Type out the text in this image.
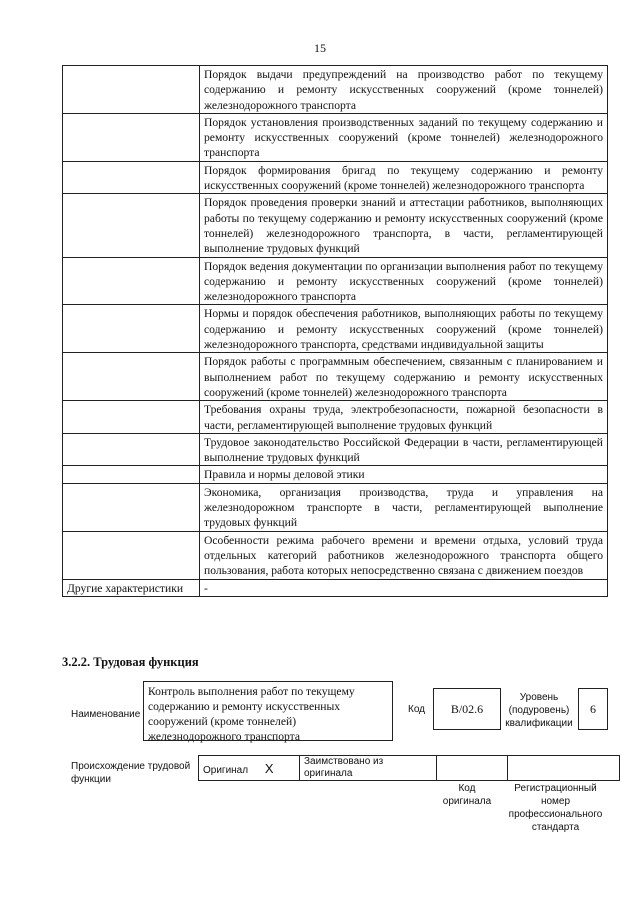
15
	Порядок выдачи предупреждений на производство работ по текущему содержанию и ремонту искусственных сооружений (кроме тоннелей) железнодорожного транспорта
	Порядок установления производственных заданий по текущему содержанию и ремонту искусственных сооружений (кроме тоннелей) железнодорожного транспорта
	Порядок формирования бригад по текущему содержанию и ремонту искусственных сооружений (кроме тоннелей) железнодорожного транспорта
	Порядок проведения проверки знаний и аттестации работников, выполняющих работы по текущему содержанию и ремонту искусственных сооружений (кроме тоннелей) железнодорожного транспорта, в части, регламентирующей выполнение трудовых функций
	Порядок ведения документации по организации выполнения работ по текущему содержанию и ремонту искусственных сооружений (кроме тоннелей) железнодорожного транспорта
	Нормы и порядок обеспечения работников, выполняющих работы по текущему содержанию и ремонту искусственных сооружений (кроме тоннелей) железнодорожного транспорта, средствами индивидуальной защиты
	Порядок работы с программным обеспечением, связанным с планированием и выполнением работ по текущему содержанию и ремонту искусственных сооружений (кроме тоннелей) железнодорожного транспорта
	Требования охраны труда, электробезопасности, пожарной безопасности в части, регламентирующей выполнение трудовых функций
	Трудовое законодательство Российской Федерации в части, регламентирующей выполнение трудовых функций
	Правила и нормы деловой этики
	Экономика, организация производства, труда и управления на железнодорожном транспорте в части, регламентирующей выполнение трудовых функций
	Особенности режима рабочего времени и времени отдыха, условий труда отдельных категорий работников железнодорожного транспорта общего пользования, работа которых непосредственно связана с движением поездов
Другие характеристики	-
3.2.2. Трудовая функция
Наименование
Контроль выполнения работ по текущему содержанию и ремонту искусственных сооружений (кроме тоннелей) железнодорожного транспорта
Код	B/02.6
Уровень (подуровень) квалификации
6
Происхождение трудовой функции
Оригинал X	Заимствовано из оригинала		
Код оригинала
Регистрационный номер профессионального стандарта
